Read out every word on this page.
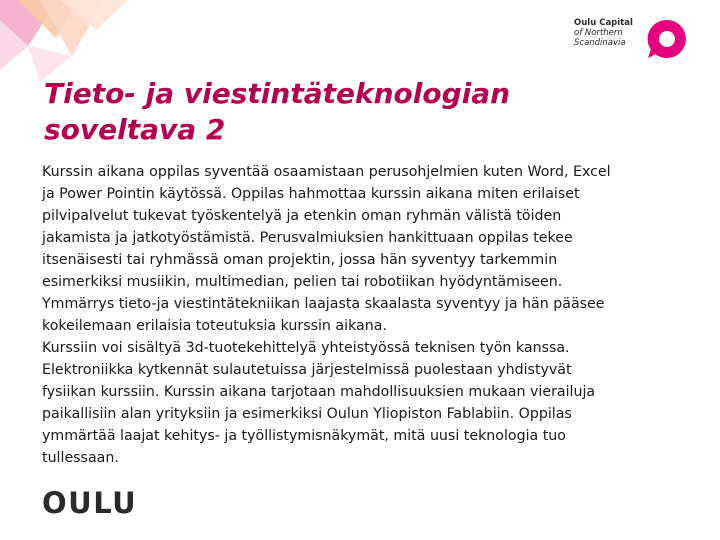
Oulu Capital
of Northern
Scandinavia
Tieto- ja viestintäteknologian
soveltava 2
Kurssin aikana oppilas syventää osaamistaan perusohjelmien kuten Word, Excel
ja Power Pointin käytössä. Oppilas hahmottaa kurssin aikana miten erilaiset
pilvipalvelut tukevat työskentelyä ja etenkin oman ryhmän välistä töiden
jakamista ja jatkotyöstämistä. Perusvalmiuksien hankittuaan oppilas tekee
itsenäisesti tai ryhmässä oman projektin, jossa hän syventyy tarkemmin
esimerkiksi musiikin, multimedian, pelien tai robotiikan hyödyntämiseen.
Ymmärrys tieto-ja viestintätekniikan laajasta skaalasta syventyy ja hän pääsee
kokeilemaan erilaisia toteutuksia kurssin aikana.
Kurssiin voi sisältyä 3d-tuotekehittelyä yhteistyössä teknisen työn kanssa.
Elektroniikka kytkennät sulautetuissa järjestelmissä puolestaan yhdistyvät
fysiikan kurssiin. Kurssin aikana tarjotaan mahdollisuuksien mukaan vierailuja
paikallisiin alan yrityksiin ja esimerkiksi Oulun Yliopiston Fablabiin. Oppilas
ymmärtää laajat kehitys- ja työllistymisnäkymät, mitä uusi teknologia tuo
tullessaan.
OULU
